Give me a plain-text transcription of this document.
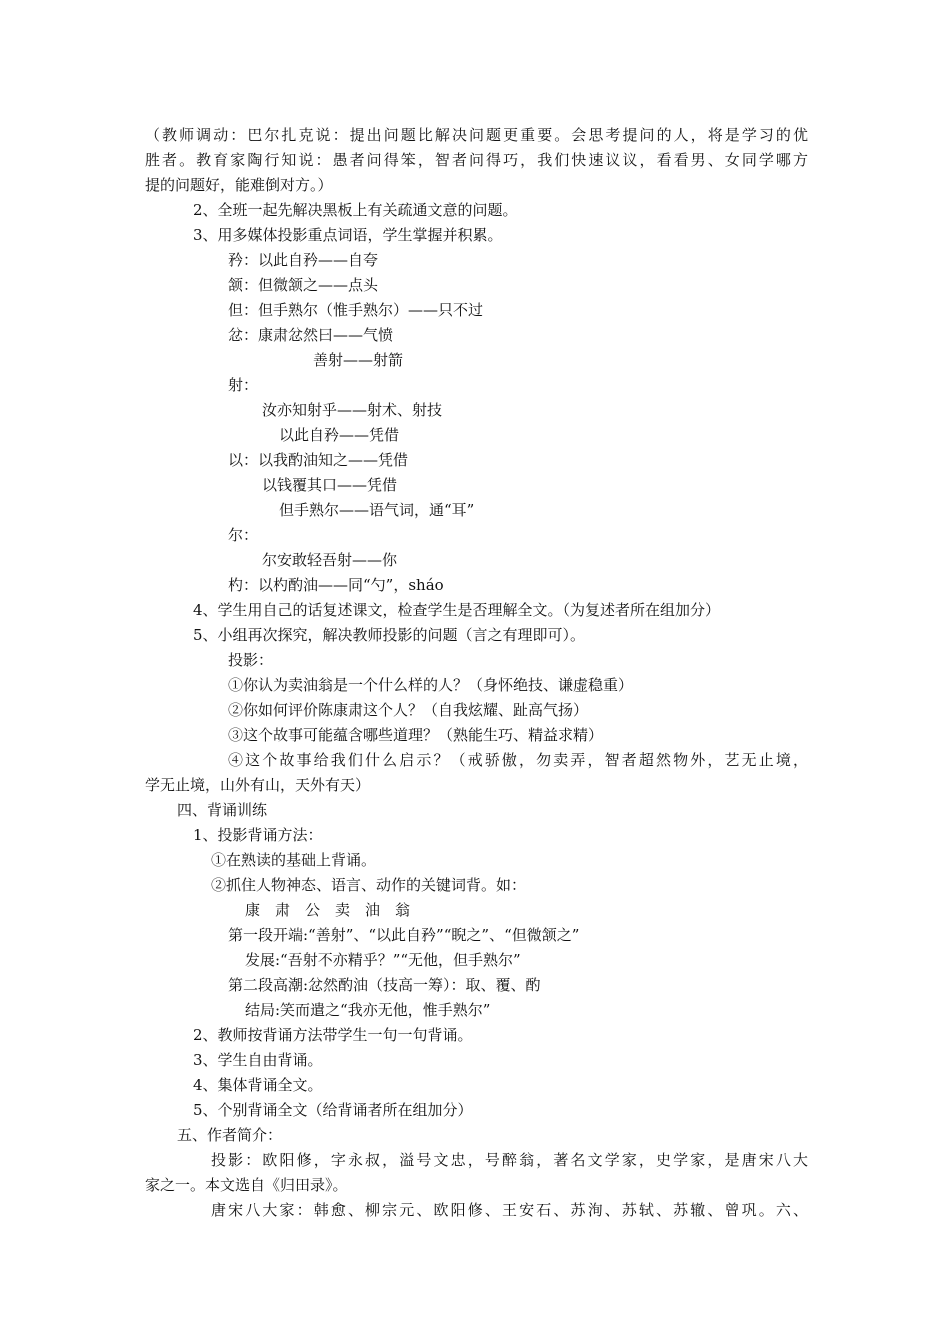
（教师调动：巴尔扎克说：提出问题比解决问题更重要。会思考提问的人，将是学习的优
胜者。教育家陶行知说：愚者问得笨，智者问得巧，我们快速议议，看看男、女同学哪方
提的问题好，能难倒对方。）
2、全班一起先解决黑板上有关疏通文意的问题。
3、用多媒体投影重点词语，学生掌握并积累。
矜：以此自矜——自夸
颔：但微颔之——点头
但：但手熟尔（惟手熟尔）——只不过
忿：康肃忿然曰——气愤
善射——射箭
射：
汝亦知射乎——射术、射技
以此自矜——凭借
以：以我酌油知之——凭借
以钱覆其口——凭借
但手熟尔——语气词，通“耳”
尔：
尔安敢轻吾射——你
杓：以杓酌油——同“勺”，sháo
4、学生用自己的话复述课文，检查学生是否理解全文。（为复述者所在组加分）
5、小组再次探究，解决教师投影的问题（言之有理即可）。
投影：
①你认为卖油翁是一个什么样的人？（身怀绝技、谦虚稳重）
②你如何评价陈康肃这个人？（自我炫耀、趾高气扬）
③这个故事可能蕴含哪些道理？（熟能生巧、精益求精）
④这个故事给我们什么启示？（戒骄傲，勿卖弄，智者超然物外，艺无止境，
学无止境，山外有山，天外有天）
四、背诵训练
1、投影背诵方法：
①在熟读的基础上背诵。
②抓住人物神态、语言、动作的关键词背。如：
康　肃　公　卖　油　翁
第一段开端:“善射”、“以此自矜”“睨之”、“但微颔之”
发展:“吾射不亦精乎？”“无他，但手熟尔”
第二段高潮:忿然酌油（技高一筹）：取、覆、酌
结局:笑而遣之“我亦无他，惟手熟尔”
2、教师按背诵方法带学生一句一句背诵。
3、学生自由背诵。
4、集体背诵全文。
5、个别背诵全文（给背诵者所在组加分）
五、作者简介：
投影：欧阳修，字永叔，溢号文忠，号醉翁，著名文学家，史学家，是唐宋八大
家之一。本文选自《归田录》。
唐宋八大家：韩愈、柳宗元、欧阳修、王安石、苏洵、苏轼、苏辙、曾巩。六、
